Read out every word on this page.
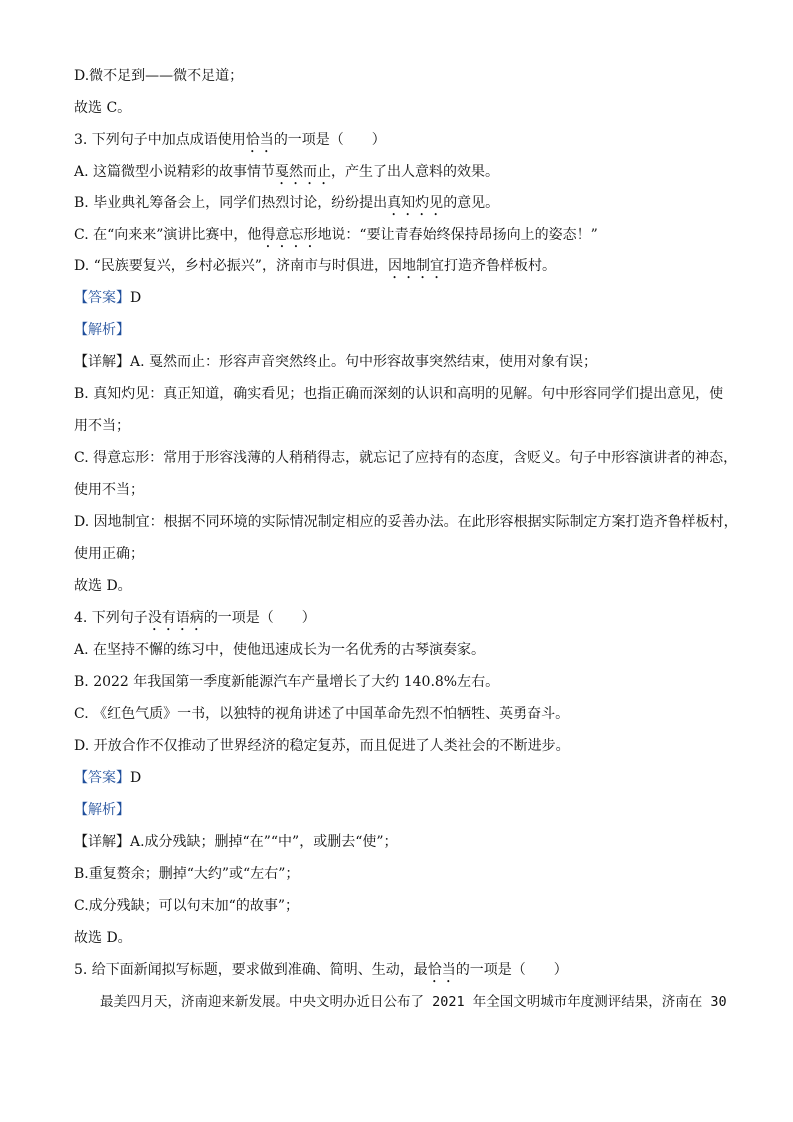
D.微不足到——微不足道；
故选 C。
3. 下列句子中加点成语使用恰当的一项是（　　）
A. 这篇微型小说精彩的故事情节戛然而止，产生了出人意料的效果。
B. 毕业典礼筹备会上，同学们热烈讨论，纷纷提出真知灼见的意见。
C. 在“向来来”演讲比赛中，他得意忘形地说：“要让青春始终保持昂扬向上的姿态！”
D. “民族要复兴，乡村必振兴”，济南市与时俱进，因地制宜打造齐鲁样板村。
【答案】D
【解析】
【详解】A. 戛然而止：形容声音突然终止。句中形容故事突然结束，使用对象有误；
B. 真知灼见：真正知道，确实看见；也指正确而深刻的认识和高明的见解。句中形容同学们提出意见，使
用不当；
C. 得意忘形：常用于形容浅薄的人稍稍得志，就忘记了应持有的态度，含贬义。句子中形容演讲者的神态，
使用不当；
D. 因地制宜：根据不同环境的实际情况制定相应的妥善办法。在此形容根据实际制定方案打造齐鲁样板村，
使用正确；
故选 D。
4. 下列句子没有语病的一项是（　　）
A. 在坚持不懈的练习中，使他迅速成长为一名优秀的古琴演奏家。
B. 2022 年我国第一季度新能源汽车产量增长了大约 140.8%左右。
C. 《红色气质》一书，以独特的视角讲述了中国革命先烈不怕牺牲、英勇奋斗。
D. 开放合作不仅推动了世界经济的稳定复苏，而且促进了人类社会的不断进步。
【答案】D
【解析】
【详解】A.成分残缺；删掉“在”“中”，或删去“使”；
B.重复赘余；删掉“大约”或“左右”；
C.成分残缺；可以句末加“的故事”；
故选 D。
5. 给下面新闻拟写标题，要求做到准确、简明、生动，最恰当的一项是（　　）
最美四月天，济南迎来新发展。中央文明办近日公布了 2021 年全国文明城市年度测评结果，济南在 30
